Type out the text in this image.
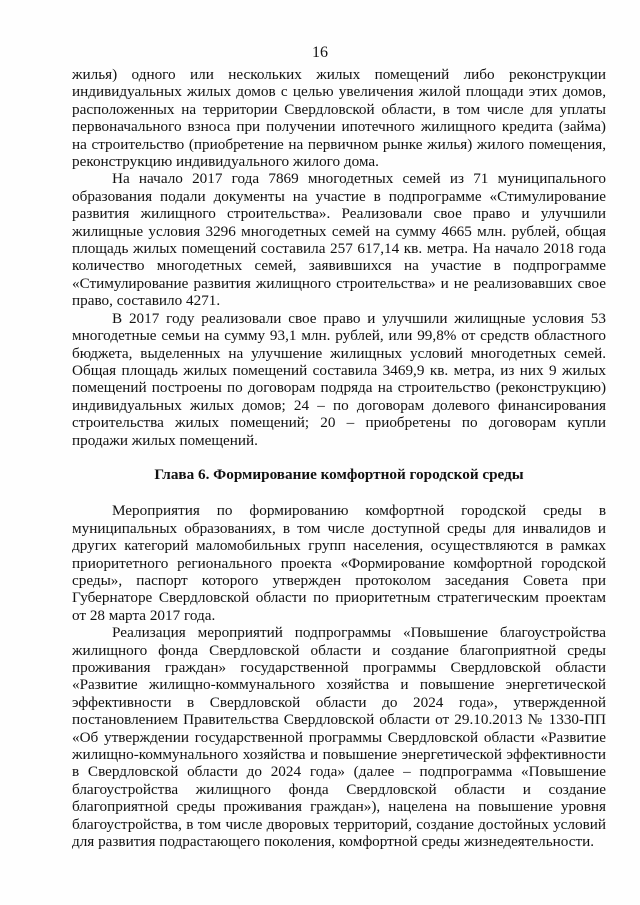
16

жилья) одного или нескольких жилых помещений либо реконструкции индивидуальных жилых домов с целью увеличения жилой площади этих домов, расположенных на территории Свердловской области, в том числе для уплаты первоначального взноса при получении ипотечного жилищного кредита (займа) на строительство (приобретение на первичном рынке жилья) жилого помещения, реконструкцию индивидуального жилого дома.

На начало 2017 года 7869 многодетных семей из 71 муниципального образования подали документы на участие в подпрограмме «Стимулирование развития жилищного строительства». Реализовали свое право и улучшили жилищные условия 3296 многодетных семей на сумму 4665 млн. рублей, общая площадь жилых помещений составила 257 617,14 кв. метра. На начало 2018 года количество многодетных семей, заявившихся на участие в подпрограмме «Стимулирование развития жилищного строительства» и не реализовавших свое право, составило 4271.

В 2017 году реализовали свое право и улучшили жилищные условия 53 многодетные семьи на сумму 93,1 млн. рублей, или 99,8% от средств областного бюджета, выделенных на улучшение жилищных условий многодетных семей. Общая площадь жилых помещений составила 3469,9 кв. метра, из них 9 жилых помещений построены по договорам подряда на строительство (реконструкцию) индивидуальных жилых домов; 24 – по договорам долевого финансирования строительства жилых помещений; 20 – приобретены по договорам купли продажи жилых помещений.

Глава 6. Формирование комфортной городской среды

Мероприятия по формированию комфортной городской среды в муниципальных образованиях, в том числе доступной среды для инвалидов и других категорий маломобильных групп населения, осуществляются в рамках приоритетного регионального проекта «Формирование комфортной городской среды», паспорт которого утвержден протоколом заседания Совета при Губернаторе Свердловской области по приоритетным стратегическим проектам от 28 марта 2017 года.

Реализация мероприятий подпрограммы «Повышение благоустройства жилищного фонда Свердловской области и создание благоприятной среды проживания граждан» государственной программы Свердловской области «Развитие жилищно-коммунального хозяйства и повышение энергетической эффективности в Свердловской области до 2024 года», утвержденной постановлением Правительства Свердловской области от 29.10.2013 № 1330-ПП «Об утверждении государственной программы Свердловской области «Развитие жилищно-коммунального хозяйства и повышение энергетической эффективности в Свердловской области до 2024 года» (далее – подпрограмма «Повышение благоустройства жилищного фонда Свердловской области и создание благоприятной среды проживания граждан»), нацелена на повышение уровня благоустройства, в том числе дворовых территорий, создание достойных условий для развития подрастающего поколения, комфортной среды жизнедеятельности.
